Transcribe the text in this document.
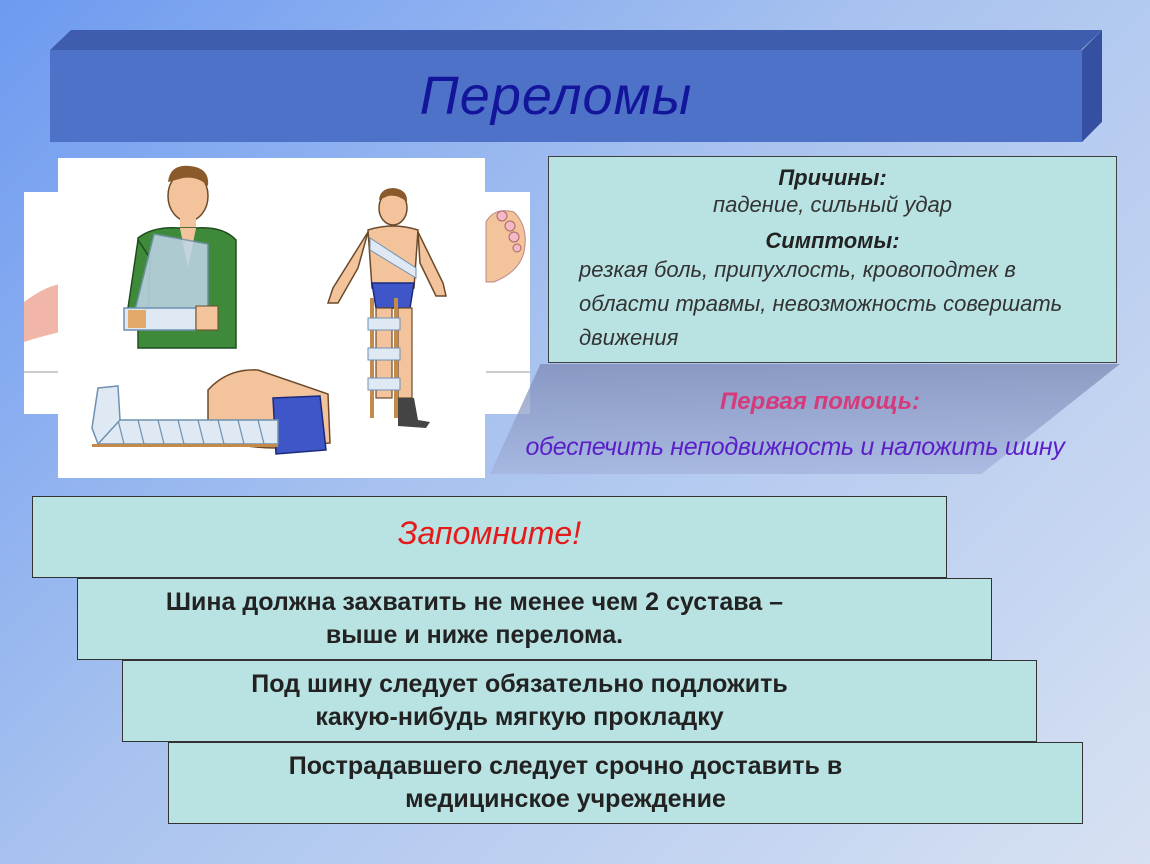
Переломы
Причины:
падение, сильный удар
Симптомы:
резкая боль, припухлость, кровоподтек в
области травмы, невозможность совершать
движения
Первая помощь:
обеспечить неподвижность и наложить шину
Запомните!
Шина должна захватить не менее чем 2 сустава –
выше и ниже перелома.
Под шину следует обязательно подложить
какую-нибудь мягкую прокладку
Пострадавшего следует срочно доставить в
медицинское учреждение
